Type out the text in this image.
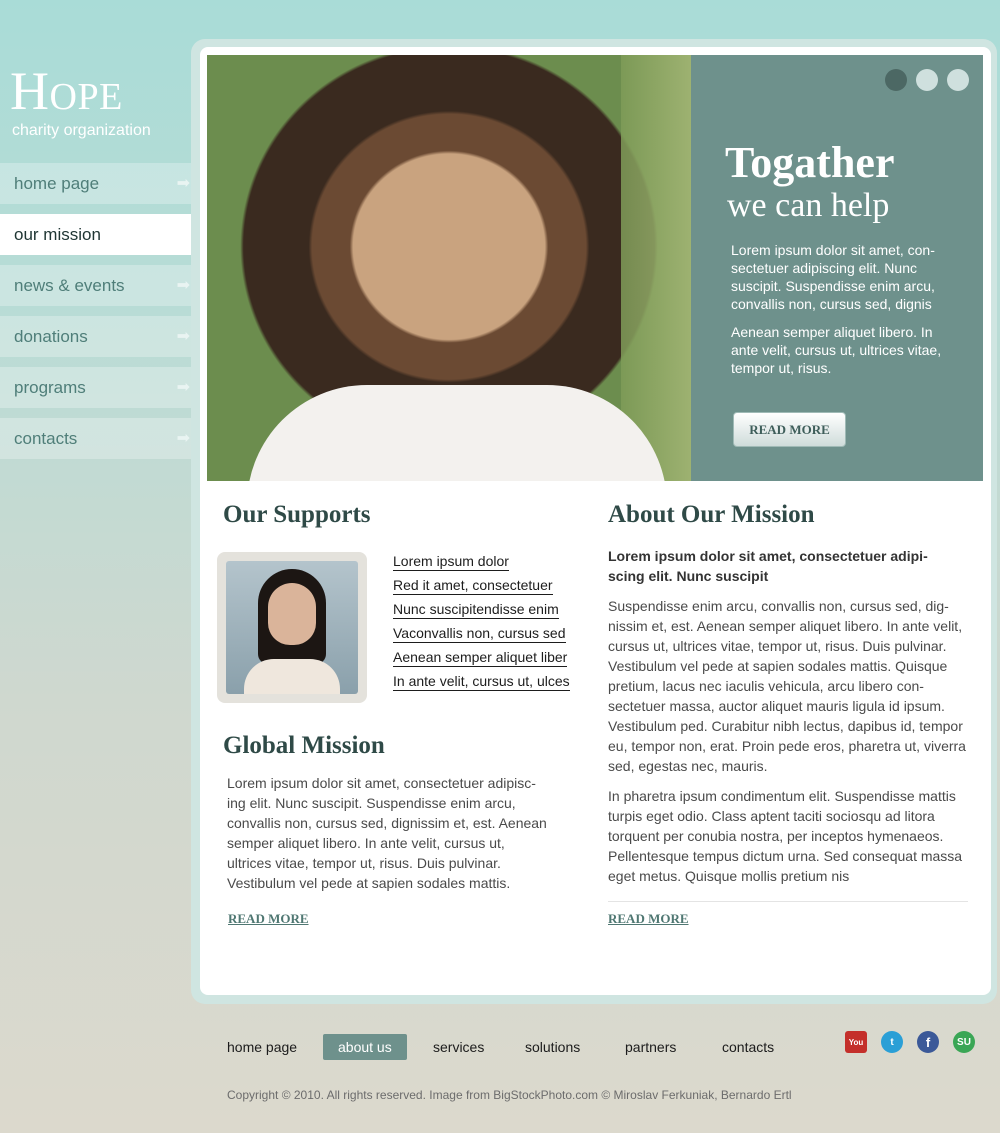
Hope
charity organization
home page	➡
our mission
news & events	➡
donations	➡
programs	➡
contacts	➡
Togather
we can help
Lorem ipsum dolor sit amet, con-sectetuer adipiscing elit. Nunc suscipit. Suspendisse enim arcu, convallis non, cursus sed, dignis
Aenean semper aliquet libero. In ante velit, cursus ut, ultrices vitae, tempor ut, risus.
READ MORE
Our Supports
Lorem ipsum dolor
Red it amet, consectetuer
Nunc suscipitendisse enim
Vaconvallis non, cursus sed
Aenean semper aliquet liber
In ante velit, cursus ut, ulces
Global Mission
Lorem ipsum dolor sit amet, consectetuer adipisc-ing elit. Nunc suscipit. Suspendisse enim arcu, convallis non, cursus sed, dignissim et, est. Aenean semper aliquet libero. In ante velit, cursus ut, ultrices vitae, tempor ut, risus. Duis pulvinar. Vestibulum vel pede at sapien sodales mattis.
READ MORE
About Our Mission
Lorem ipsum dolor sit amet, consectetuer adipi-scing elit. Nunc suscipit
Suspendisse enim arcu, convallis non, cursus sed, dig-nissim et, est. Aenean semper aliquet libero. In ante velit, cursus ut, ultrices vitae, tempor ut, risus. Duis pulvinar. Vestibulum vel pede at sapien sodales mattis. Quisque pretium, lacus nec iaculis vehicula, arcu libero con-sectetuer massa, auctor aliquet mauris ligula id ipsum. Vestibulum ped. Curabitur nibh lectus, dapibus id, tempor eu, tempor non, erat. Proin pede eros, pharetra ut, viverra sed, egestas nec, mauris.
In pharetra ipsum condimentum elit. Suspendisse mattis turpis eget odio. Class aptent taciti sociosqu ad litora torquent per conubia nostra, per inceptos hymenaeos. Pellentesque tempus dictum urna. Sed consequat massa eget metus. Quisque mollis pretium nis
READ MORE
home page	about us	services	solutions	partners	contacts	You	t	f	SU
Copyright © 2010. All rights reserved. Image from BigStockPhoto.com © Miroslav Ferkuniak, Bernardo Ertl
